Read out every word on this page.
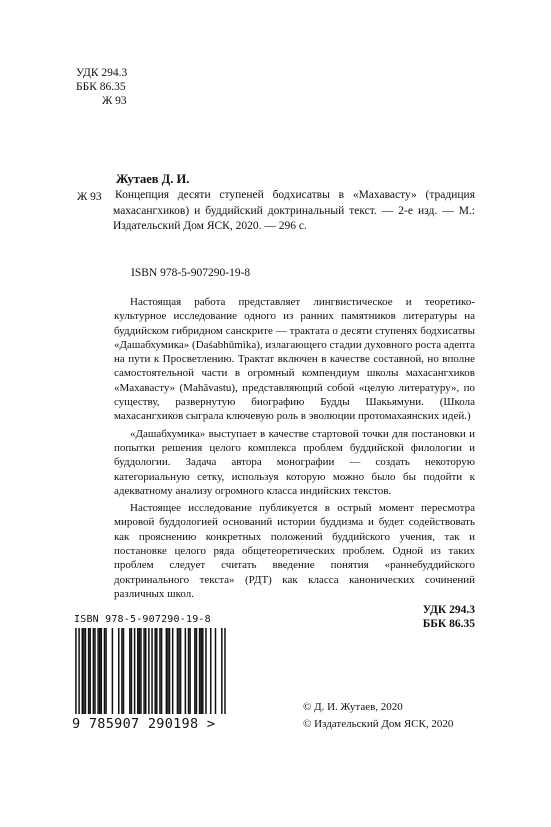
УДК 294.3
ББК 86.35
Ж 93
Ж 93
Жутаев Д. И.
Концепция десяти ступеней бодхисатвы в «Махавасту» (традиция махасангхиков) и буддийский доктринальный текст. — 2-е изд. — М.: Издательский Дом ЯСК, 2020. — 296 с.
ISBN 978-5-907290-19-8

Настоящая работа представляет лингвистическое и теоретико-культурное исследование одного из ранних памятников литературы на буддийском гибридном санскрите — трактата о десяти ступенях бодхисатвы «Дашабхумика» (Daśabhūmika), излагающего стадии духовного роста адепта на пути к Просветлению. Трактат включен в качестве составной, но вполне самостоятельной части в огромный компендиум школы махасангхиков «Махавасту» (Mahāvastu), представляющий собой «целую литературу», по существу, развернутую биографию Будды Шакьямуни. (Школа махасангхиков сыграла ключевую роль в эволюции протомахаянских идей.)

«Дашабхумика» выступает в качестве стартовой точки для постановки и попытки решения целого комплекса проблем буддийской филологии и буддологии. Задача автора монографии — создать некоторую категориальную сетку, используя которую можно было бы подойти к адекватному анализу огромного класса индийских текстов.

Настоящее исследование публикуется в острый момент пересмотра мировой буддологией оснований истории буддизма и будет содействовать как прояснению конкретных положений буддийского учения, так и постановке целого ряда общетеоретических проблем. Одной из таких проблем следует считать введение понятия «раннебуддийского доктринального текста» (РДТ) как класса канонических сочинений различных школ.

УДК 294.3
ББК 86.35
ISBN 978-5-907290-19-8
9 785907 290198 >
© Д. И. Жутаев, 2020
© Издательский Дом ЯСК, 2020
